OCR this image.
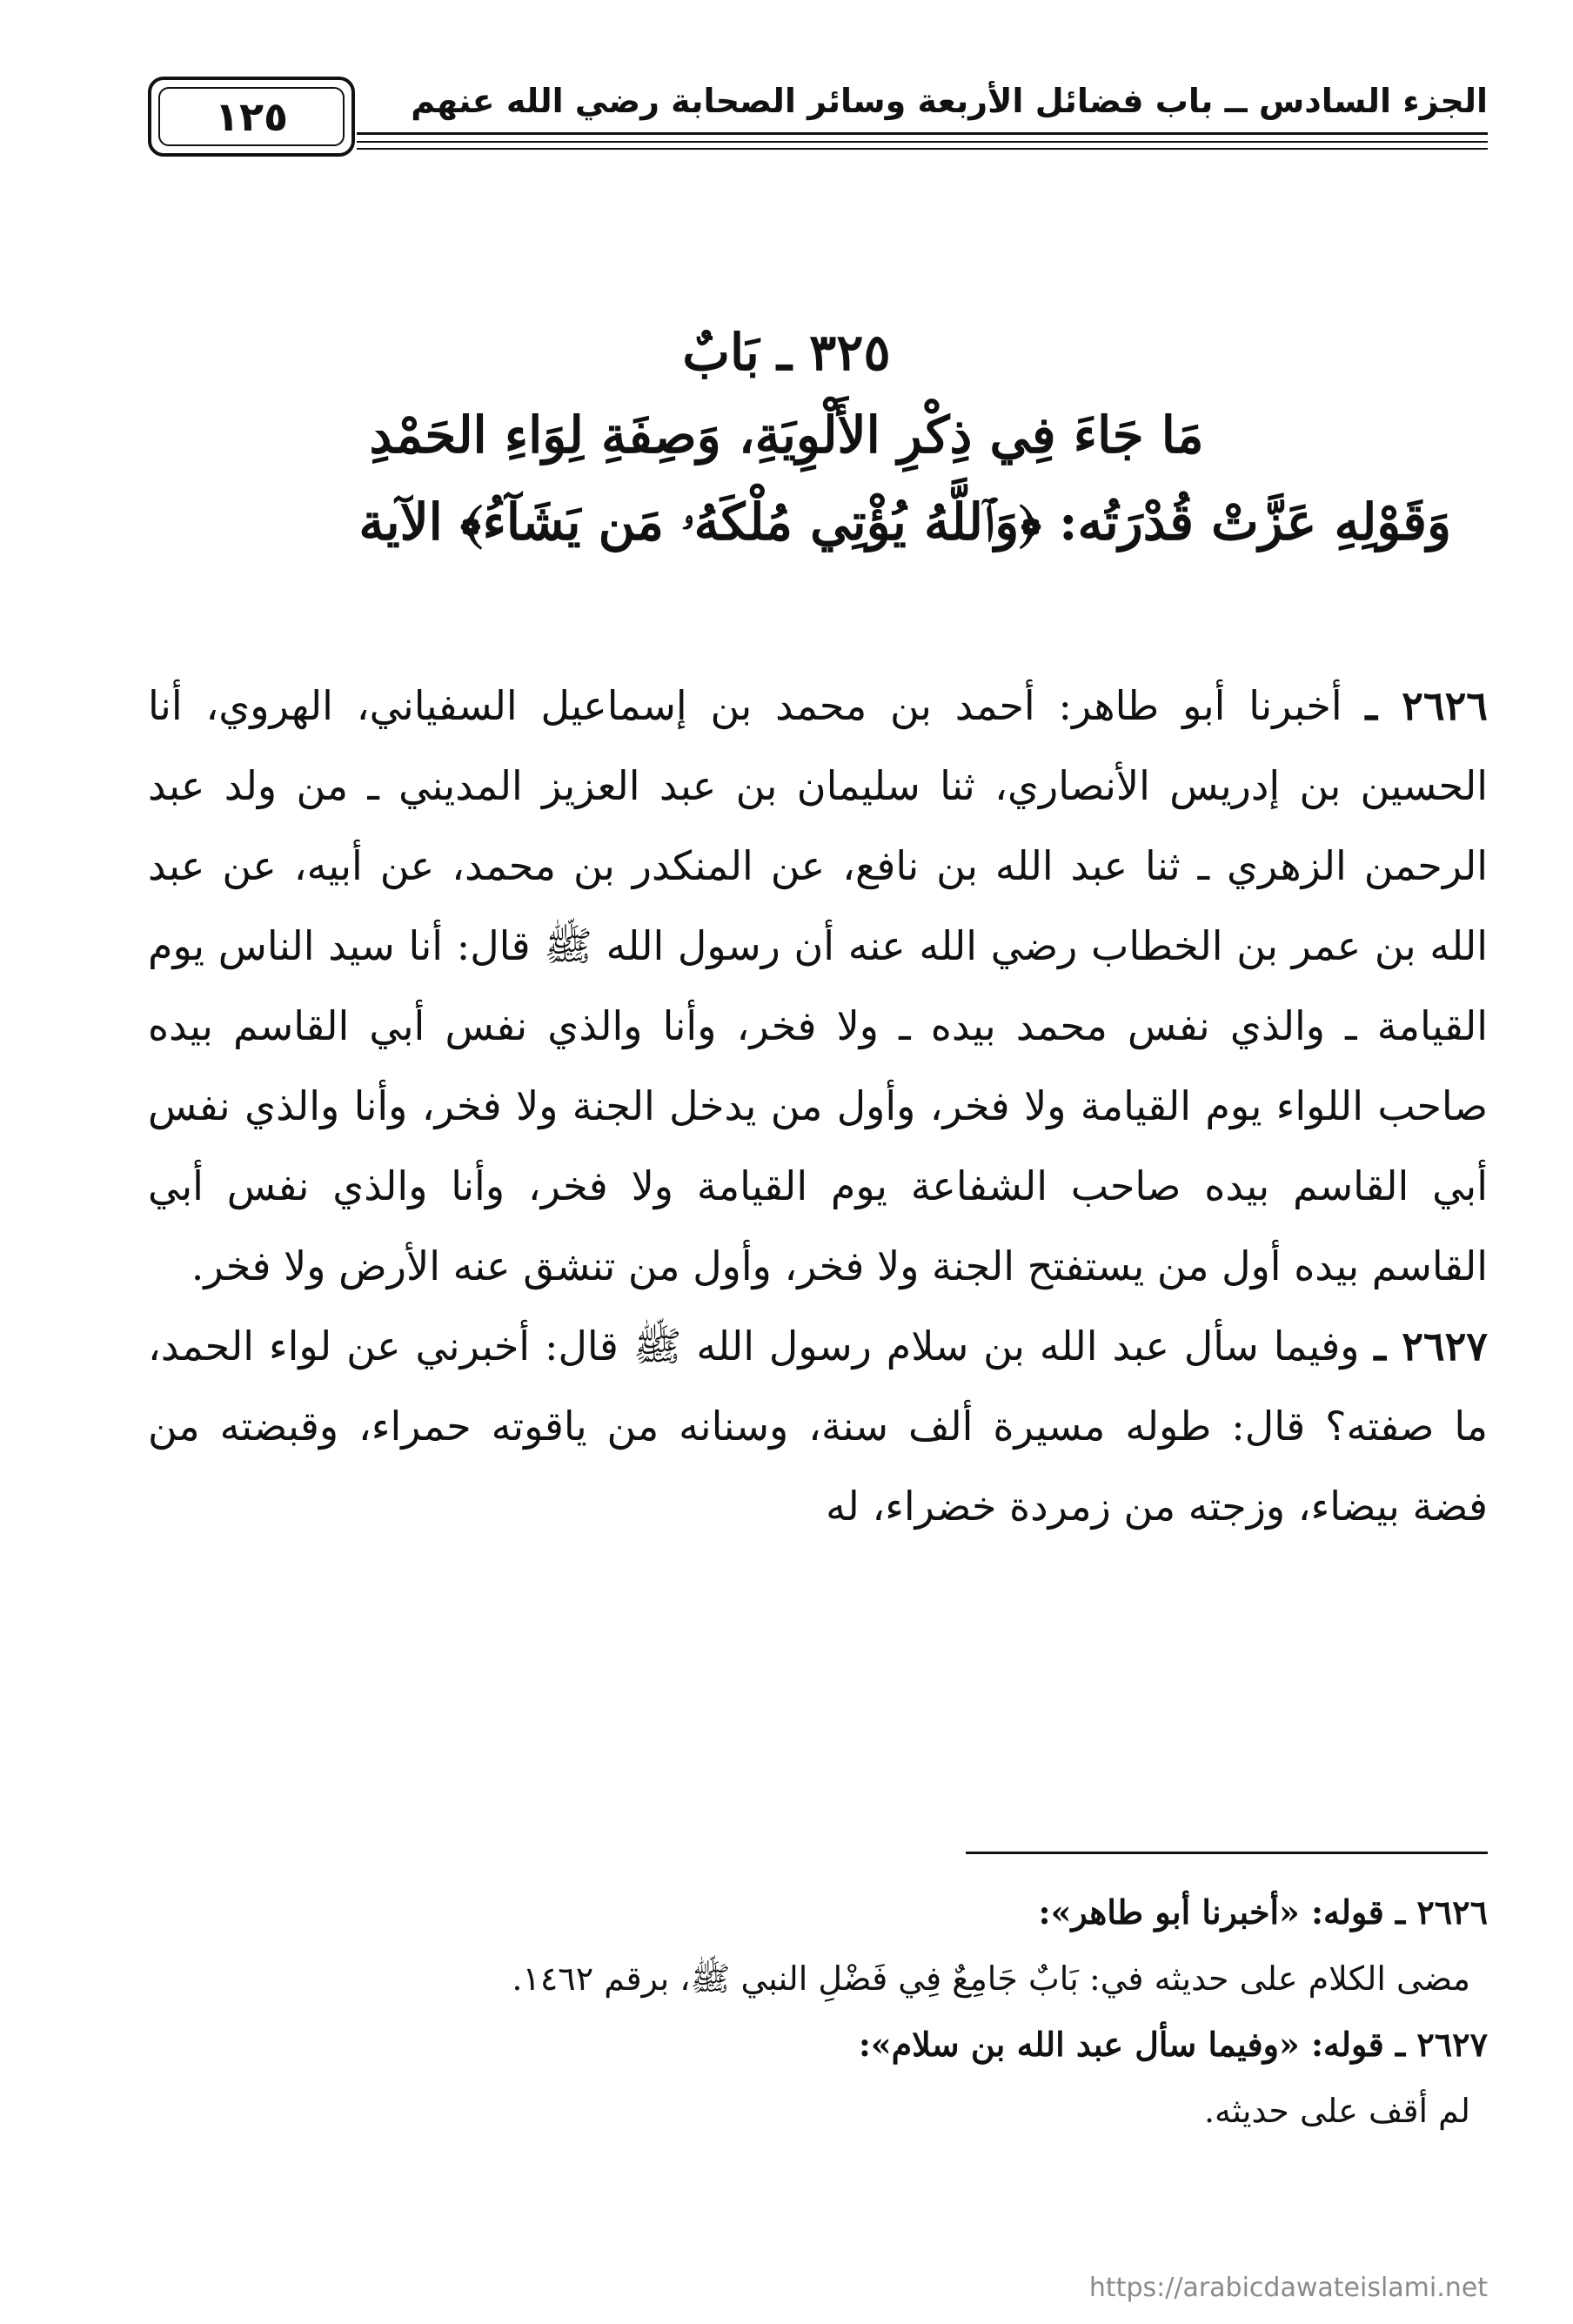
الجزء السادس ــ باب فضائل الأربعة وسائر الصحابة رضي الله عنهم
١٢٥
٣٢٥ ـ بَابٌ
مَا جَاءَ فِي ذِكْرِ الأَلْوِيَةِ، وَصِفَةِ لِوَاءِ الحَمْدِ
وَقَوْلِهِ عَزَّتْ قُدْرَتُه: ﴿وَٱللَّهُ يُؤْتِي مُلْكَهُۥ مَن يَشَآءُ﴾ الآية

٢٦٢٦ ـ أخبرنا أبو طاهر: أحمد بن محمد بن إسماعيل السفياني، الهروي، أنا الحسين بن إدريس الأنصاري، ثنا سليمان بن عبد العزيز المديني ـ من ولد عبد الرحمن الزهري ـ ثنا عبد الله بن نافع، عن المنكدر بن محمد، عن أبيه، عن عبد الله بن عمر بن الخطاب رضي الله عنه أن رسول الله ﷺ قال: أنا سيد الناس يوم القيامة ـ والذي نفس محمد بيده ـ ولا فخر، وأنا والذي نفس أبي القاسم بيده صاحب اللواء يوم القيامة ولا فخر، وأول من يدخل الجنة ولا فخر، وأنا والذي نفس أبي القاسم بيده صاحب الشفاعة يوم القيامة ولا فخر، وأنا والذي نفس أبي القاسم بيده أول من يستفتح الجنة ولا فخر، وأول من تنشق عنه الأرض ولا فخر.

٢٦٢٧ ـ وفيما سأل عبد الله بن سلام رسول الله ﷺ قال: أخبرني عن لواء الحمد، ما صفته؟ قال: طوله مسيرة ألف سنة، وسنانه من ياقوته حمراء، وقبضته من فضة بيضاء، وزجته من زمردة خضراء، له

٢٦٢٦ ـ قوله: «أخبرنا أبو طاهر»:

مضى الكلام على حديثه في: بَابٌ جَامِعٌ فِي فَضْلِ النبي ﷺ، برقم ١٤٦٢.

٢٦٢٧ ـ قوله: «وفيما سأل عبد الله بن سلام»:

لم أقف على حديثه.

https://arabicdawateislami.net
